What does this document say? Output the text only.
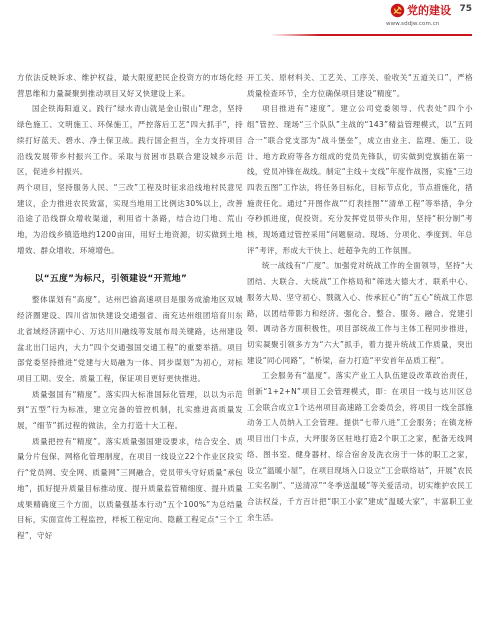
党的建设
www.sddjw.com.cn
75

方依法反映诉求、维护权益，最大限度把民企投资方的市场化经营思维和力量凝聚到推动项目又好又快建设上来。

国企铁海阳道义。践行“绿水青山就是金山银山”理念，坚持绿色施工、文明施工、环保施工，严控落后工艺“四大抓手”，持续打好蓝天、碧水、净土保卫战。践行国企担当，全力支持项目沿线发展带乡村振兴工作。采取与贫困市县联合建设城乡示范区，促进乡村振兴。

两个项目，坚持服务人民、“三改”工程及时征求沿线地村民意见建议，企力推进农民致富，实现当地用工比例达30%以上，改善沿途了沿线群众增收渠道，利用省十条路，结合边门地、荒山地，为沿线乡镇造地约1200亩田，用好土地资源，切实做到土地增效、群众增收、环境增色。

以“五度”为标尺，引领建设“开荒地”

整体谋划有“高度”。达州巴渝高速项目是服务成渝地区双城经济圈建设、四川省加快建设交通强省、南充达州组团培育川东北省域经济副中心、万达川川融线等发展布局关键路，达州建设盆北出门运内，大力“四个交通强国交通工程”的重要举措。项目部党委坚持推进“党建与大局融为一体、同步谋划”为初心，对标项目工期、安全、质量工程，保证项目更好更快推进。

质量强国有“精度”。落实四大标准国际化管理，以以为示范到“五型”行为标准，建立完备的管控机制，扎实推进高质量发展，“细节”抓过程的做法，全力打造十大工程。

质量把控有“精度”。落实质量强国建设要求，结合安全、质量分片包保、网格化管理制度，在项目一线设立22个作业区段实行“党员网、安全网、质量网”三网融合，党员带头守好质量“承包地”，抓好提升质量目标推动度、提升质量监管精细度、提升质量成果精确度三个方面，以质量强基本行动“五个100%”为总结量目标，实面宣传工程监控，样板工程定向、隐蔽工程定点“三个工程”，守好

开工关、原材料关、工艺关、工序关、验收关“五道关口”，严格质量检查环节，全方位确保项目建设“精度”。

项目推进有“速度”。建立公司党委领导、代表处“四个小组”管控、现场“三个队队”主战的“143”精益管理模式，以“五同合一”联合党支部为“战斗堡垒”，成立由业主、监理、施工、设计、地方政府等各方组成的党员先锋队，切实做到党旗插在第一线，党员冲锋在战线。制定“主线＋支线”年度作战图，实施“三边四表五图”工作法，将任务目标化，目标节点化，节点措施化，措施责任化。通过“开图作战”“灯表挂图”“清单工程”等举措，争分夺秒抓进度，促投资。充分发挥党员带头作用，坚持“积分制”考核，现场通过管控采用“问题驱动、现场、分项化、季度到、年总评”考评，形成大干快上、赶超争先的工作氛围。

统一战线有“广度”。加强党对统战工作的全面领导，坚持“大团结、大联合、大统战”工作格局和“筛选大德大才、联系中心、服务大局、坚守初心、戮就入心、传承匠心”的“五心”统战工作思路，以团结带影力和经济、强化合、整合、服务、融合、党建引领、调动各方面积极性，项目部统战工作与主体工程同步推进，切实凝聚引领多方为“六大”抓手，着力提升统战工作质量，突出建设“同心同路”，“桥梁，奋力打造“平安首年品质工程”。

工会服务有“温度”。落实产业工人队伍建设改革政治责任，创新“1+2+N”项目工会管理模式，即：在项目一线与达川区总工会联合成立1个达州项目高速路工会委员会，将项目一线全部施动务工人员纳入工会管理。提供“七带八进”工会服务；在镇龙桥项目出门卡点，大坪服务区驻地打造2个职工之家，配备无线网络、图书室、健身器材、综合宿舍及洗衣房于一体的职工之家，设立“温暖小屋”，在项目现场入口设立“工会联络站”，开展“农民工实名制”、“送清凉”“冬季送温暖”等关爱活动，切实维护农民工合法权益，千方百计把“职工小家”建成“温暖大家”，丰富职工业余生活。
